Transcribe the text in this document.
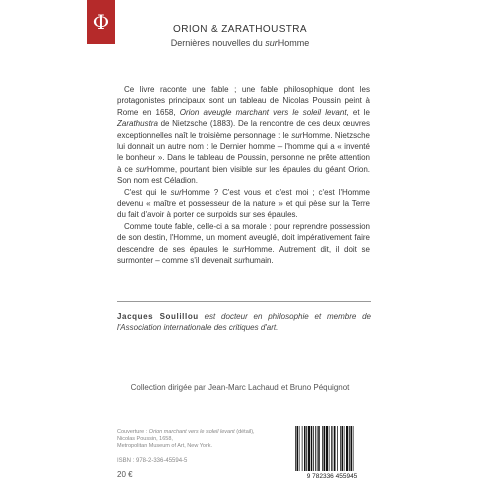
Φ	ORION & ZARATHOUSTRA
Dernières nouvelles du surHomme

Ce livre raconte une fable ; une fable philosophique dont les protagonistes principaux sont un tableau de Nicolas Poussin peint à Rome en 1658, Orion aveugle marchant vers le soleil levant, et le Zarathustra de Nietzsche (1883). De la rencontre de ces deux œuvres exceptionnelles naît le troisième personnage : le surHomme. Nietzsche lui donnait un autre nom : le Dernier homme – l'homme qui a « inventé le bonheur ». Dans le tableau de Poussin, personne ne prête attention à ce surHomme, pourtant bien visible sur les épaules du géant Orion. Son nom est Céladion.

C'est qui le surHomme ? C'est vous et c'est moi ; c'est l'Homme devenu « maître et possesseur de la nature » et qui pèse sur la Terre du fait d'avoir à porter ce surpoids sur ses épaules.

Comme toute fable, celle-ci a sa morale : pour reprendre possession de son destin, l'Homme, un moment aveuglé, doit impérativement faire descendre de ses épaules le surHomme. Autrement dit, il doit se surmonter – comme s'il devenait surhumain.

Jacques Soulillou est docteur en philosophie et membre de l'Association internationale des critiques d'art.
Collection dirigée par Jean-Marc Lachaud et Bruno Péquignot
Couverture : Orion marchant vers le soleil levant (détail),
Nicolas Poussin, 1658,
Metropolitan Museum of Art, New York.
ISBN : 978-2-336-45594-5
20 €	9 782336 455945
